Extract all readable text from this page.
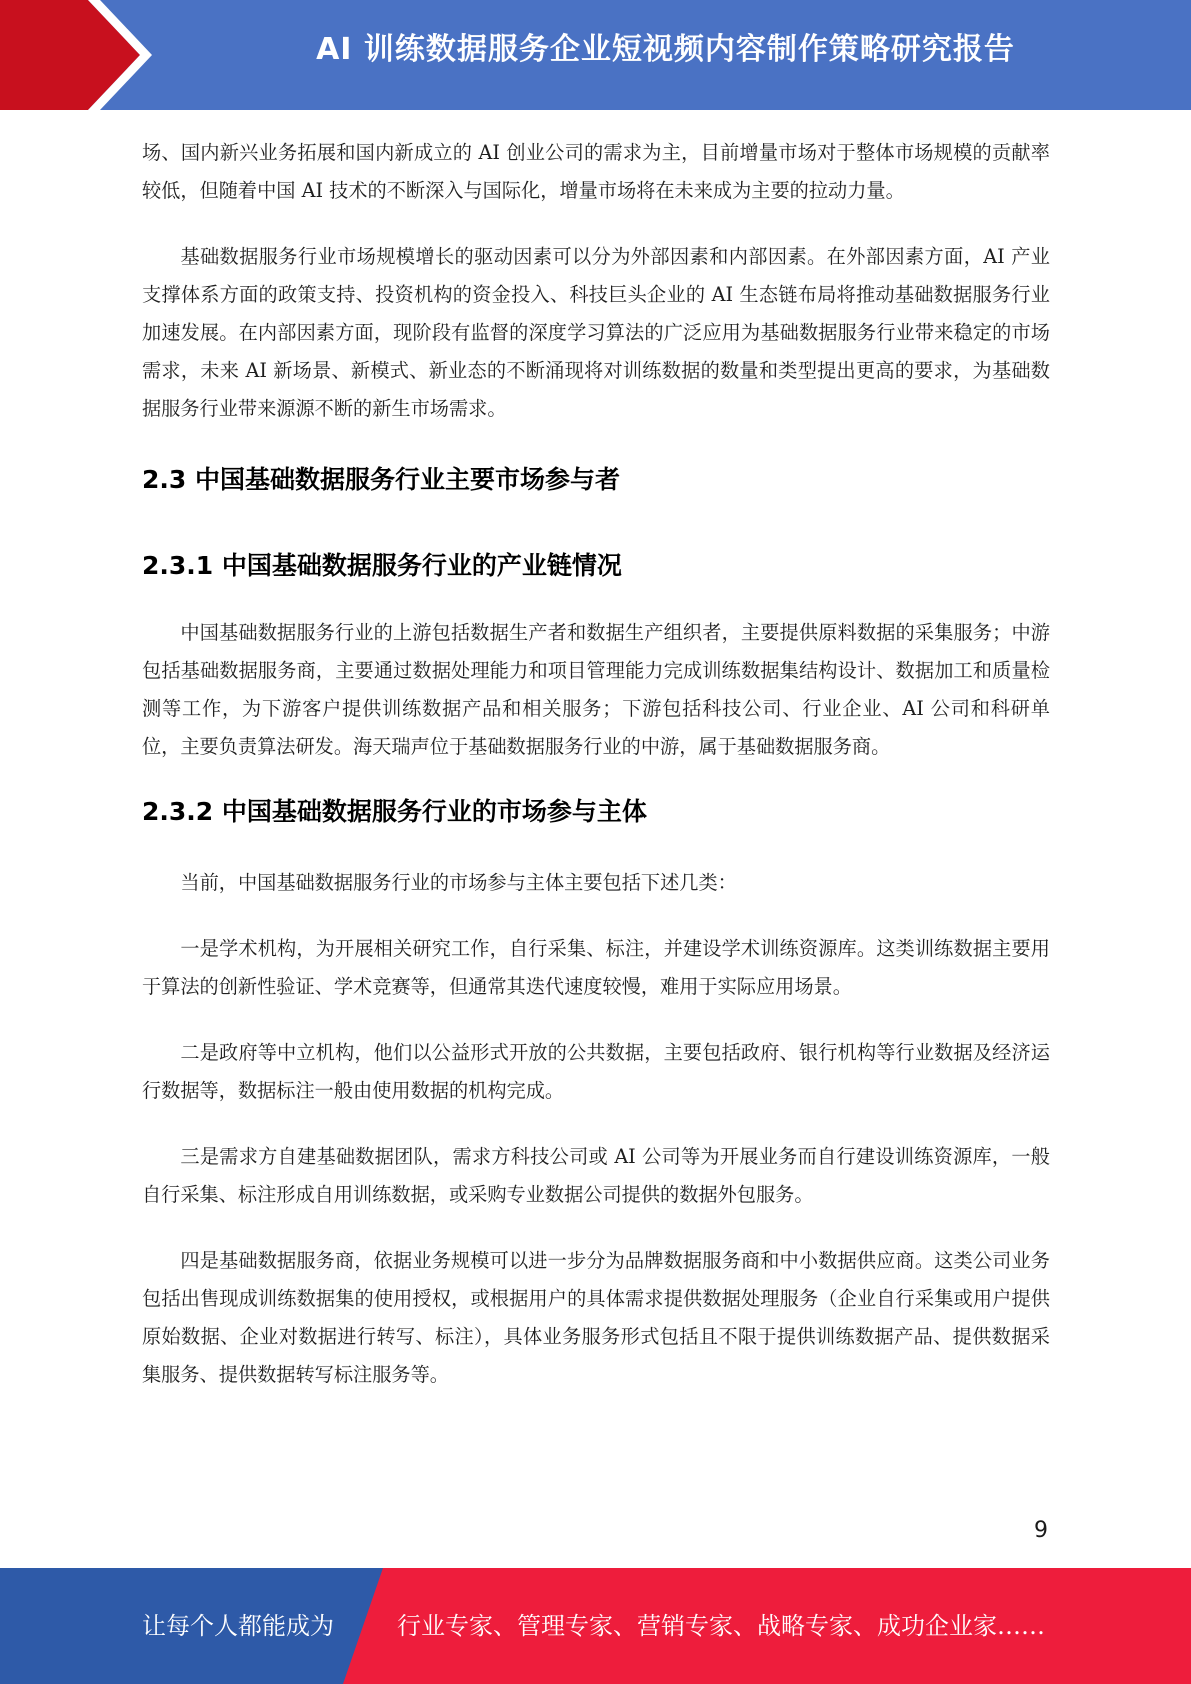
AI 训练数据服务企业短视频内容制作策略研究报告

场、国内新兴业务拓展和国内新成立的 AI 创业公司的需求为主，目前增量市场对于整体市场规模的贡献率较低，但随着中国 AI 技术的不断深入与国际化，增量市场将在未来成为主要的拉动力量。

基础数据服务行业市场规模增长的驱动因素可以分为外部因素和内部因素。在外部因素方面，AI 产业支撑体系方面的政策支持、投资机构的资金投入、科技巨头企业的 AI 生态链布局将推动基础数据服务行业加速发展。在内部因素方面，现阶段有监督的深度学习算法的广泛应用为基础数据服务行业带来稳定的市场需求，未来 AI 新场景、新模式、新业态的不断涌现将对训练数据的数量和类型提出更高的要求，为基础数据服务行业带来源源不断的新生市场需求。

2.3 中国基础数据服务行业主要市场参与者
2.3.1 中国基础数据服务行业的产业链情况

中国基础数据服务行业的上游包括数据生产者和数据生产组织者，主要提供原料数据的采集服务；中游包括基础数据服务商，主要通过数据处理能力和项目管理能力完成训练数据集结构设计、数据加工和质量检测等工作，为下游客户提供训练数据产品和相关服务；下游包括科技公司、行业企业、AI 公司和科研单位，主要负责算法研发。海天瑞声位于基础数据服务行业的中游，属于基础数据服务商。

2.3.2 中国基础数据服务行业的市场参与主体

当前，中国基础数据服务行业的市场参与主体主要包括下述几类：

一是学术机构，为开展相关研究工作，自行采集、标注，并建设学术训练资源库。这类训练数据主要用于算法的创新性验证、学术竞赛等，但通常其迭代速度较慢，难用于实际应用场景。

二是政府等中立机构，他们以公益形式开放的公共数据，主要包括政府、银行机构等行业数据及经济运行数据等，数据标注一般由使用数据的机构完成。

三是需求方自建基础数据团队，需求方科技公司或 AI 公司等为开展业务而自行建设训练资源库，一般自行采集、标注形成自用训练数据，或采购专业数据公司提供的数据外包服务。

四是基础数据服务商，依据业务规模可以进一步分为品牌数据服务商和中小数据供应商。这类公司业务包括出售现成训练数据集的使用授权，或根据用户的具体需求提供数据处理服务（企业自行采集或用户提供原始数据、企业对数据进行转写、标注），具体业务服务形式包括且不限于提供训练数据产品、提供数据采集服务、提供数据转写标注服务等。

9
让每个人都能成为	行业专家、管理专家、营销专家、战略专家、成功企业家……
